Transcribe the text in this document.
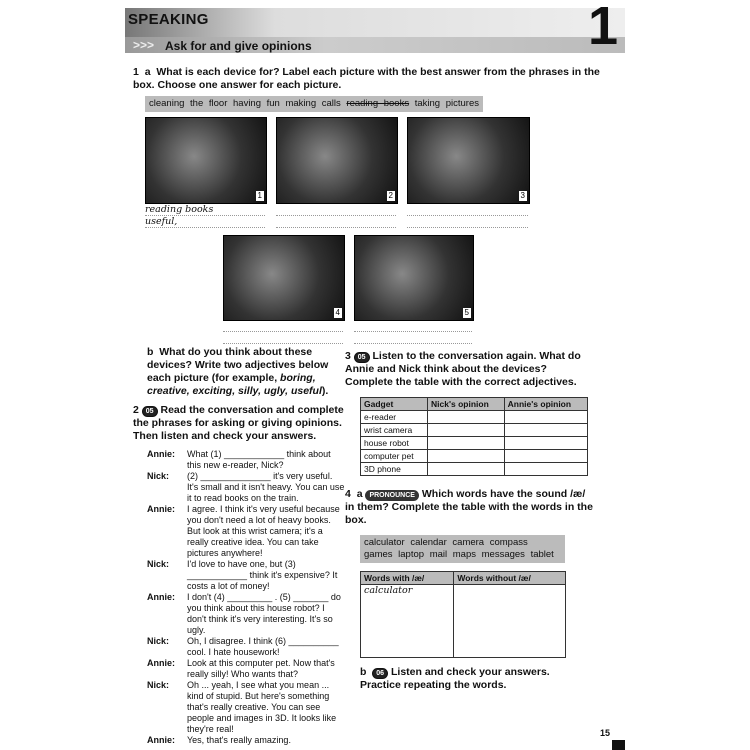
SPEAKING
>>> Ask for and give opinions	1
1 a What is each device for? Label each picture with the best answer from the phrases in the box. Choose one answer for each picture.
cleaning the floor having fun making calls reading books taking pictures
1	2	3
reading books
useful,
4	5
b What do you think about these devices? Write two adjectives below each picture (for example, boring, creative, exciting, silly, ugly, useful).
2 05 Read the conversation and complete the phrases for asking or giving opinions. Then listen and check your answers.
Annie:	What (1) ____________ think about this new e-reader, Nick?
Nick:	(2) ______________ it's very useful. It's small and it isn't heavy. You can use it to read books on the train.
Annie:	I agree. I think it's very useful because you don't need a lot of heavy books. But look at this wrist camera; it's a really creative idea. You can take pictures anywhere!
Nick:	I'd love to have one, but (3) ____________ think it's expensive? It costs a lot of money!
Annie:	I don't (4) _________ . (5) _______ do you think about this house robot? I don't think it's very interesting. It's so ugly.
Nick:	Oh, I disagree. I think (6) __________ cool. I hate housework!
Annie:	Look at this computer pet. Now that's really silly! Who wants that?
Nick:	Oh ... yeah, I see what you mean ... kind of stupid. But here's something that's really creative. You can see people and images in 3D. It looks like they're real!
Annie:	Yes, that's really amazing.
3 05 Listen to the conversation again. What do Annie and Nick think about the devices? Complete the table with the correct adjectives.
Gadget	Nick's opinion	Annie's opinion
e-reader		
wrist camera		
house robot		
computer pet		
3D phone		
4 a PRONOUNCE Which words have the sound /æ/ in them? Complete the table with the words in the box.
calculator calendar camera compass games laptop mail maps messages tablet
Words with /æ/	Words without /æ/
calculator	
b 06 Listen and check your answers. Practice repeating the words.
15
